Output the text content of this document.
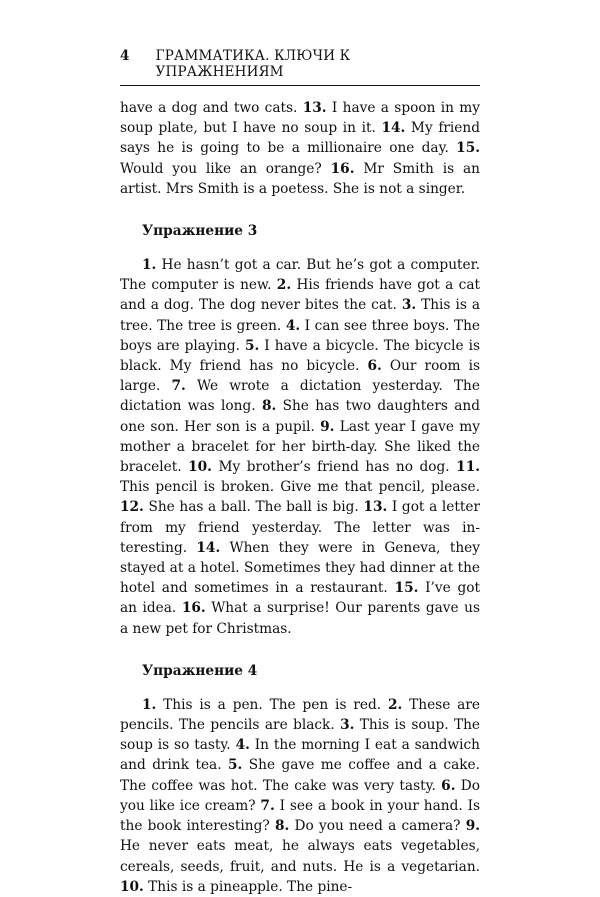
4 ГРАММАТИКА. КЛЮЧИ К УПРАЖНЕНИЯМ

have a dog and two cats. 13. I have a spoon in my soup plate, but I have no soup in it. 14. My friend says he is going to be a millionaire one day. 15. Would you like an orange? 16. Mr Smith is an artist. Mrs Smith is a poetess. She is not a singer.

Упражнение 3

1. He hasn’t got a car. But he’s got a computer. The computer is new. 2. His friends have got a cat and a dog. The dog never bites the cat. 3. This is a tree. The tree is green. 4. I can see three boys. The boys are playing. 5. I have a bicycle. The bicycle is black. My friend has no bicycle. 6. Our room is large. 7. We wrote a dictation yesterday. The dictation was long. 8. She has two daughters and one son. Her son is a pupil. 9. Last year I gave my mother a bracelet for her birth-day. She liked the bracelet. 10. My brother’s friend has no dog. 11. This pencil is broken. Give me that pencil, please. 12. She has a ball. The ball is big. 13. I got a letter from my friend yesterday. The letter was in-teresting. 14. When they were in Geneva, they stayed at a hotel. Sometimes they had dinner at the hotel and sometimes in a restaurant. 15. I’ve got an idea. 16. What a surprise! Our parents gave us a new pet for Christmas.

Упражнение 4

1. This is a pen. The pen is red. 2. These are pencils. The pencils are black. 3. This is soup. The soup is so tasty. 4. In the morning I eat a sandwich and drink tea. 5. She gave me coffee and a cake. The coffee was hot. The cake was very tasty. 6. Do you like ice cream? 7. I see a book in your hand. Is the book interesting? 8. Do you need a camera? 9. He never eats meat, he always eats vegetables, cereals, seeds, fruit, and nuts. He is a vegetarian. 10. This is a pineapple. The pine-
